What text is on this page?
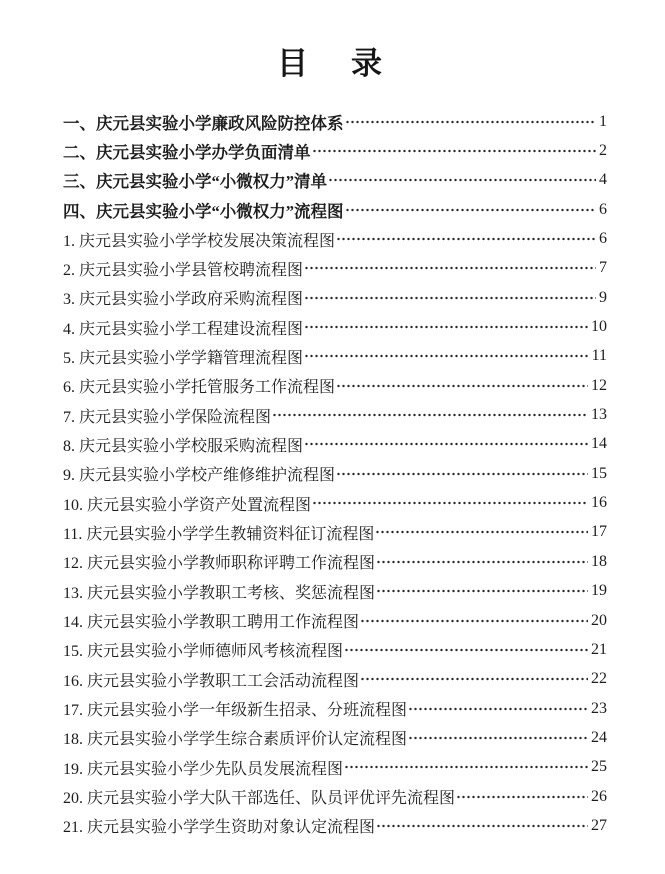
目　录
一、庆元县实验小学廉政风险防控体系	1
二、庆元县实验小学办学负面清单	2
三、庆元县实验小学“小微权力”清单	4
四、庆元县实验小学“小微权力”流程图	6
1. 庆元县实验小学学校发展决策流程图	6
2. 庆元县实验小学县管校聘流程图	7
3. 庆元县实验小学政府采购流程图	9
4. 庆元县实验小学工程建设流程图	10
5. 庆元县实验小学学籍管理流程图	11
6. 庆元县实验小学托管服务工作流程图	12
7. 庆元县实验小学保险流程图	13
8. 庆元县实验小学校服采购流程图	14
9. 庆元县实验小学校产维修维护流程图	15
10. 庆元县实验小学资产处置流程图	16
11. 庆元县实验小学学生教辅资料征订流程图	17
12. 庆元县实验小学教师职称评聘工作流程图	18
13. 庆元县实验小学教职工考核、奖惩流程图	19
14. 庆元县实验小学教职工聘用工作流程图	20
15. 庆元县实验小学师德师风考核流程图	21
16. 庆元县实验小学教职工工会活动流程图	22
17. 庆元县实验小学一年级新生招录、分班流程图	23
18. 庆元县实验小学学生综合素质评价认定流程图	24
19. 庆元县实验小学少先队员发展流程图	25
20. 庆元县实验小学大队干部选任、队员评优评先流程图	26
21. 庆元县实验小学学生资助对象认定流程图	27
